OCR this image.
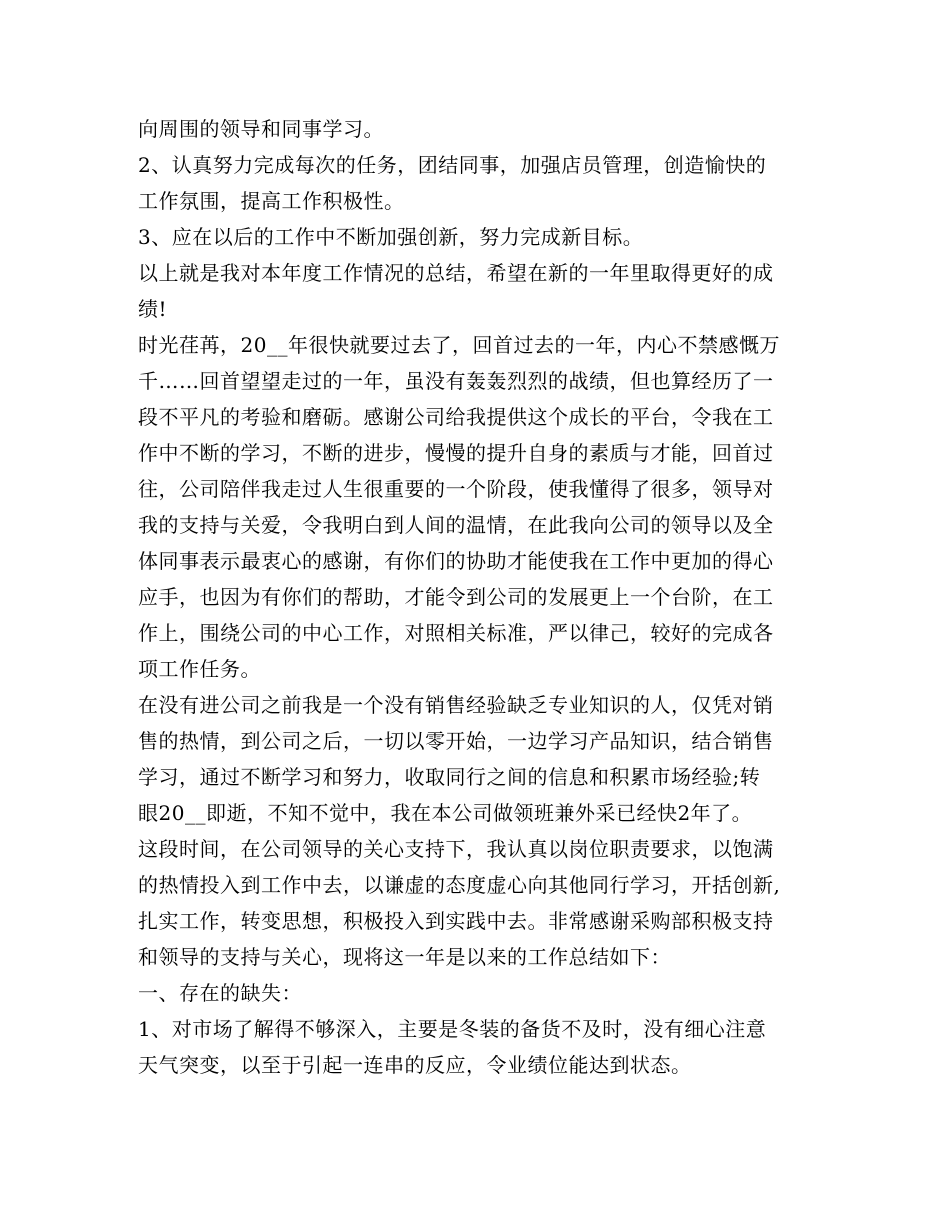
向周围的领导和同事学习。
2、认真努力完成每次的任务，团结同事，加强店员管理，创造愉快的
工作氛围，提高工作积极性。
3、应在以后的工作中不断加强创新，努力完成新目标。
以上就是我对本年度工作情况的总结，希望在新的一年里取得更好的成
绩!
时光荏苒，20__年很快就要过去了，回首过去的一年，内心不禁感慨万
千……回首望望走过的一年，虽没有轰轰烈烈的战绩，但也算经历了一
段不平凡的考验和磨砺。感谢公司给我提供这个成长的平台，令我在工
作中不断的学习，不断的进步，慢慢的提升自身的素质与才能，回首过
往，公司陪伴我走过人生很重要的一个阶段，使我懂得了很多，领导对
我的支持与关爱，令我明白到人间的温情，在此我向公司的领导以及全
体同事表示最衷心的感谢，有你们的协助才能使我在工作中更加的得心
应手，也因为有你们的帮助，才能令到公司的发展更上一个台阶，在工
作上，围绕公司的中心工作，对照相关标准，严以律己，较好的完成各
项工作任务。
在没有进公司之前我是一个没有销售经验缺乏专业知识的人，仅凭对销
售的热情，到公司之后，一切以零开始，一边学习产品知识，结合销售
学习，通过不断学习和努力，收取同行之间的信息和积累市场经验;转
眼20__即逝，不知不觉中，我在本公司做领班兼外采已经快2年了。
这段时间，在公司领导的关心支持下，我认真以岗位职责要求，以饱满
的热情投入到工作中去，以谦虚的态度虚心向其他同行学习，开括创新,
扎实工作，转变思想，积极投入到实践中去。非常感谢采购部积极支持
和领导的支持与关心，现将这一年是以来的工作总结如下：
一、存在的缺失：
1、对市场了解得不够深入，主要是冬装的备货不及时，没有细心注意
天气突变，以至于引起一连串的反应，令业绩位能达到状态。
